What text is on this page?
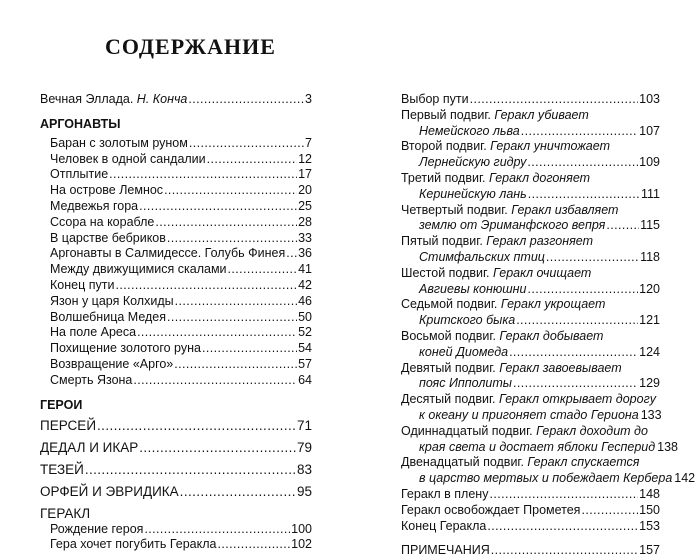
СОДЕРЖАНИЕ
Вечная Эллада. Н. Конча .....	3
АРГОНАВТЫ
Баран с золотым руном .....	7
Человек в одной сандалии .....	12
Отплытие .....	17
На острове Лемнос .....	20
Медвежья гора .....	25
Ссора на корабле .....	28
В царстве бебриков .....	33
Аргонавты в Салмидессе. Голубь Финея ..... 36
Между движущимися скалами .....	41
Конец пути .....	42
Язон у царя Колхиды .....	46
Волшебница Медея .....	50
На поле Ареса .....	52
Похищение золотого руна .....	54
Возвращение «Арго» .....	57
Смерть Язона .....	64
ГЕРОИ
ПЕРСЕЙ .....	71
ДЕДАЛ И ИКАР .....	79
ТЕЗЕЙ .....	83
ОРФЕЙ И ЭВРИДИКА .....	95
ГЕРАКЛ
Рождение героя .....	100
Гера хочет погубить Геракла .....	102
Выбор пути .....	103
Первый подвиг. Геракл убивает
Немейского льва .....	107
Второй подвиг. Геракл уничтожает
Лернейскую гидру .....	109
Третий подвиг. Геракл догоняет
Керинейскую лань .....	111
Четвертый подвиг. Геракл избавляет
землю от Эриманфского вепря .....	115
Пятый подвиг. Геракл разгоняет
Стимфальских птиц .....	118
Шестой подвиг. Геракл очищает
Авгиевы конюшни .....	120
Седьмой подвиг. Геракл укрощает
Критского быка .....	121
Восьмой подвиг. Геракл добывает
коней Диомеда .....	124
Девятый подвиг. Геракл завоевывает
пояс Ипполиты .....	129
Десятый подвиг. Геракл открывает дорогу
к океану и пригоняет стадо Гериона 133
Одиннадцатый подвиг. Геракл доходит до
края света и достает яблоки Гесперид 138
Двенадцатый подвиг. Геракл спускается
в царство мертвых и побеждает Кербера 142
Геракл в плену .....	148
Геракл освобождает Прометея .....	150
Конец Геракла .....	153
ПРИМЕЧАНИЯ .....	157
